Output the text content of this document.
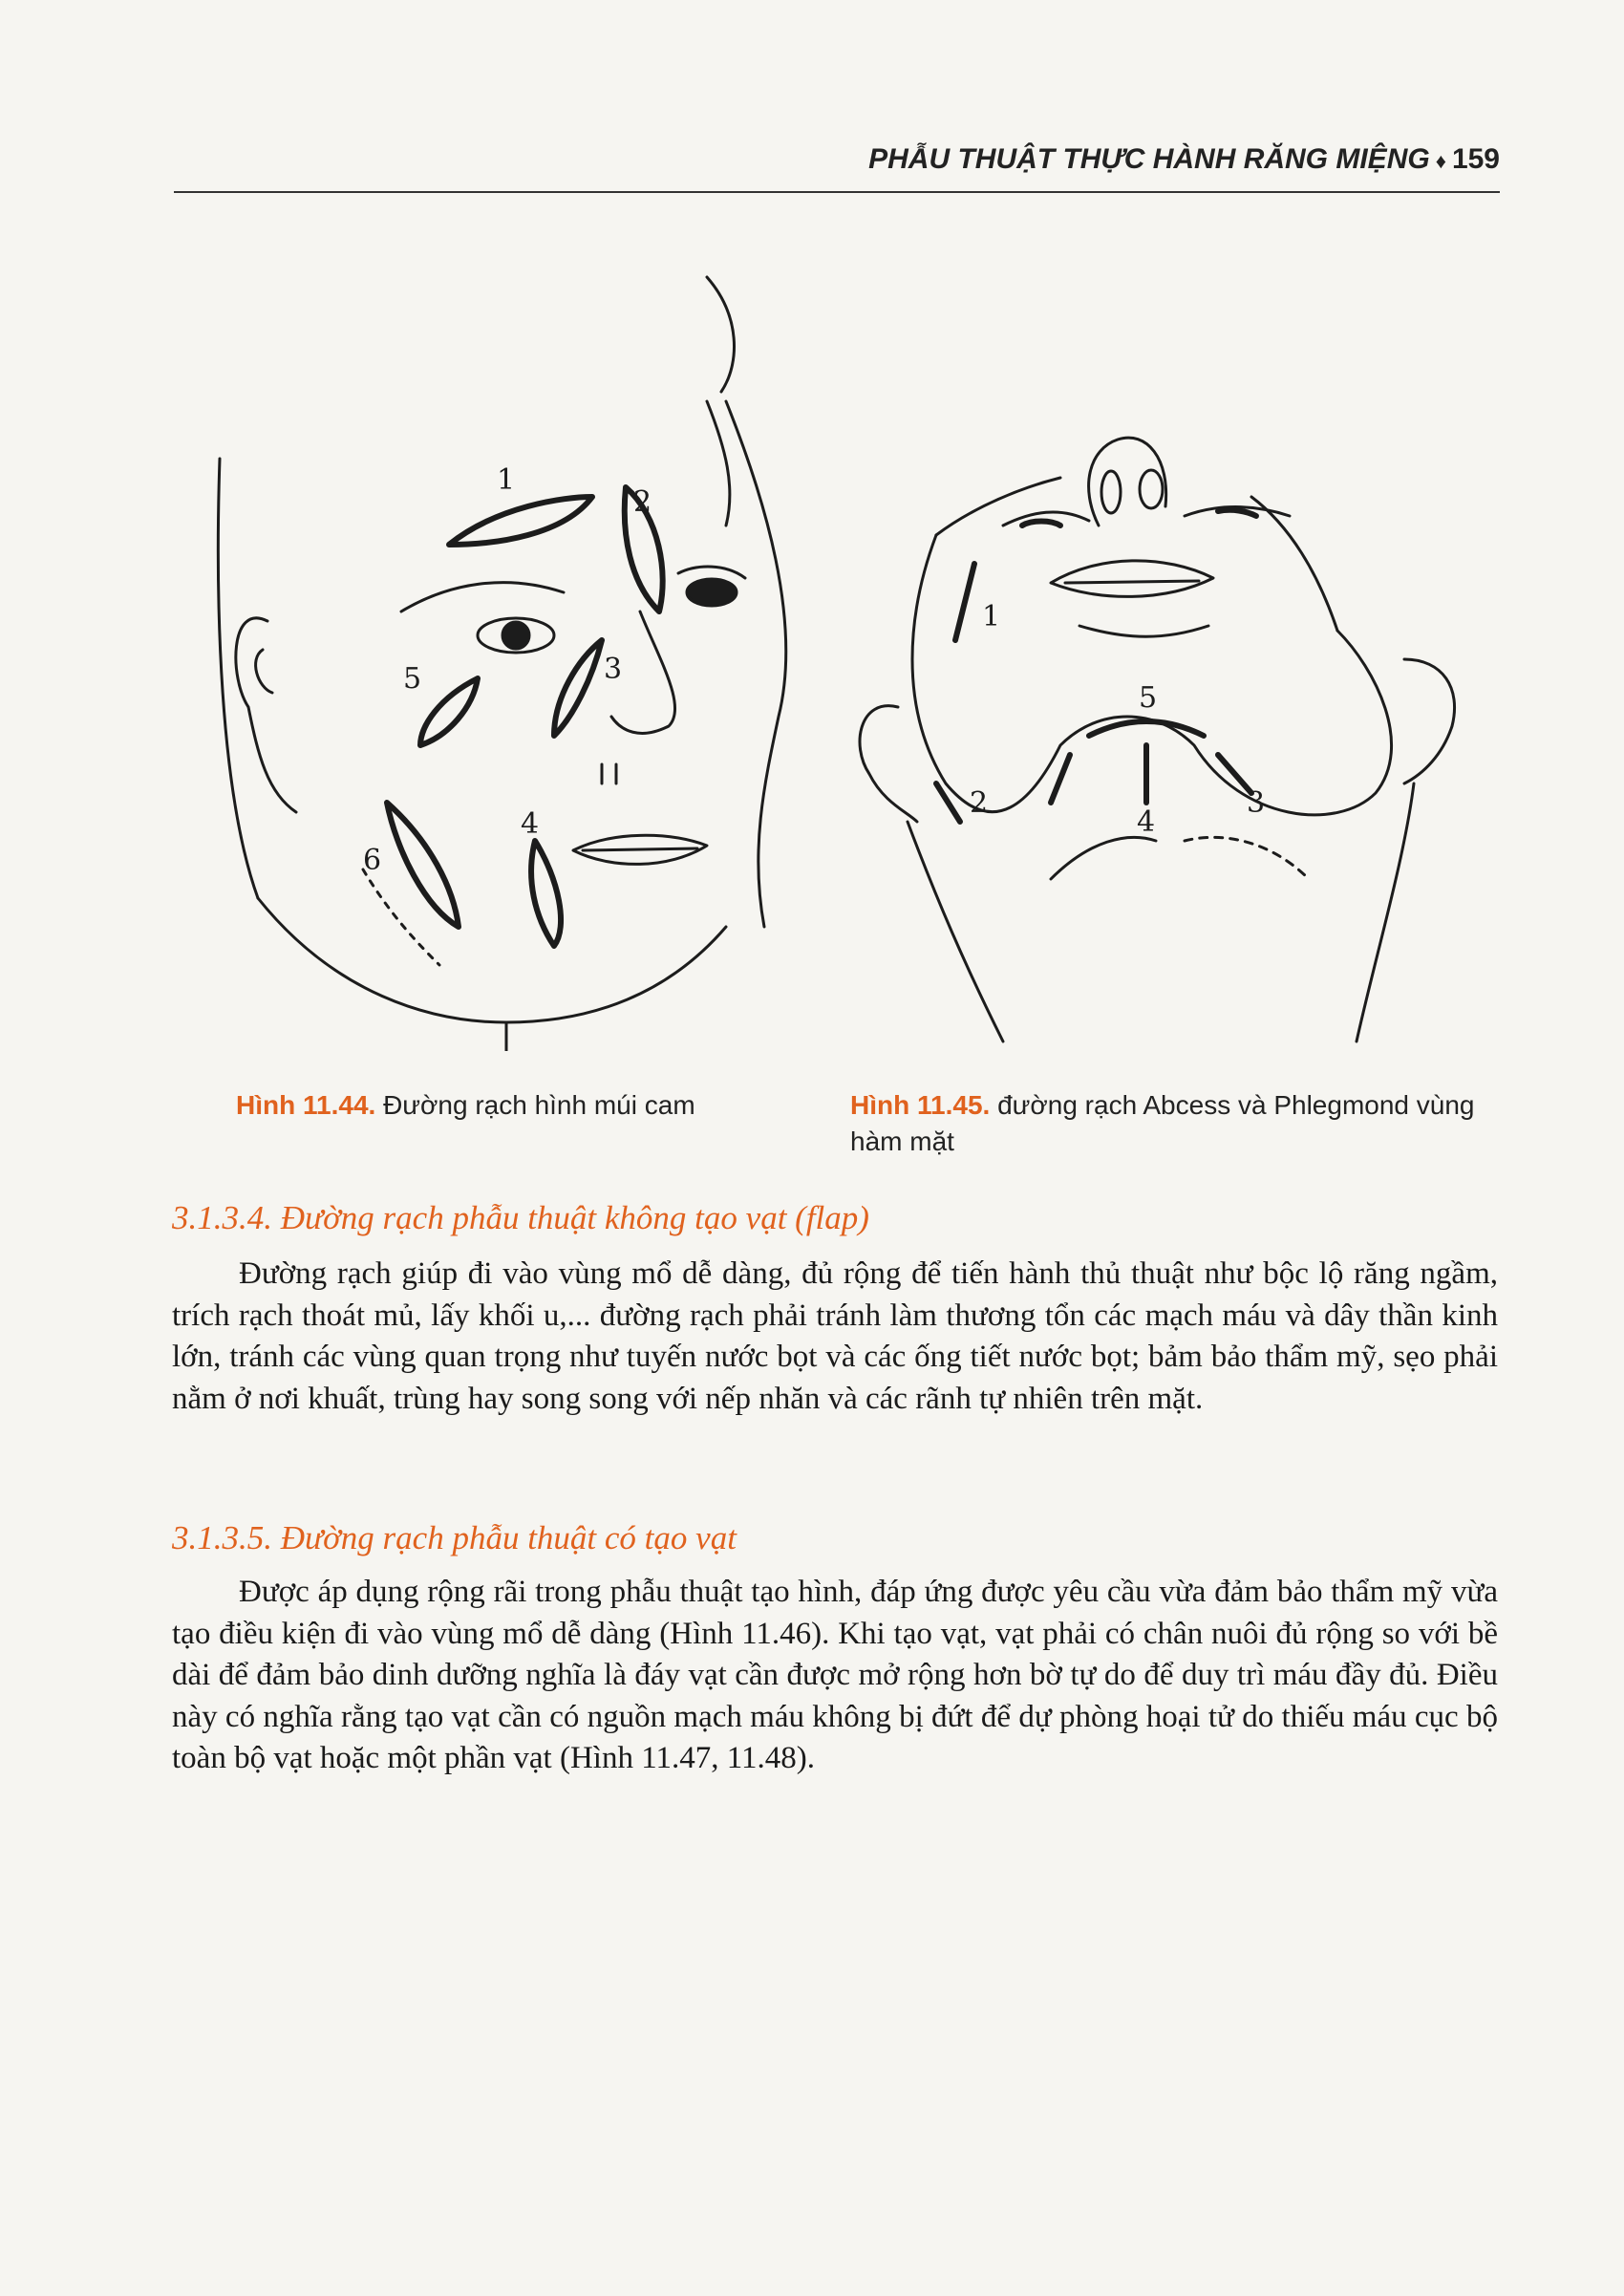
PHẪU THUẬT THỰC HÀNH RĂNG MIỆNG ♦ 159
1
2
3
4
5
6
1
2	3
4
5
Hình 11.44. Đường rạch hình múi cam	Hình 11.45. đường rạch Abcess và Phlegmond vùng hàm mặt
3.1.3.4. Đường rạch phẫu thuật không tạo vạt (flap)

Đường rạch giúp đi vào vùng mổ dễ dàng, đủ rộng để tiến hành thủ thuật như bộc lộ răng ngầm, trích rạch thoát mủ, lấy khối u,... đường rạch phải tránh làm thương tổn các mạch máu và dây thần kinh lớn, tránh các vùng quan trọng như tuyến nước bọt và các ống tiết nước bọt; bảm bảo thẩm mỹ, sẹo phải nằm ở nơi khuất, trùng hay song song với nếp nhăn và các rãnh tự nhiên trên mặt.

3.1.3.5. Đường rạch phẫu thuật có tạo vạt

Được áp dụng rộng rãi trong phẫu thuật tạo hình, đáp ứng được yêu cầu vừa đảm bảo thẩm mỹ vừa tạo điều kiện đi vào vùng mổ dễ dàng (Hình 11.46). Khi tạo vạt, vạt phải có chân nuôi đủ rộng so với bề dài để đảm bảo dinh dưỡng nghĩa là đáy vạt cần được mở rộng hơn bờ tự do để duy trì máu đầy đủ. Điều này có nghĩa rằng tạo vạt cần có nguồn mạch máu không bị đứt để dự phòng hoại tử do thiếu máu cục bộ toàn bộ vạt hoặc một phần vạt (Hình 11.47, 11.48).
